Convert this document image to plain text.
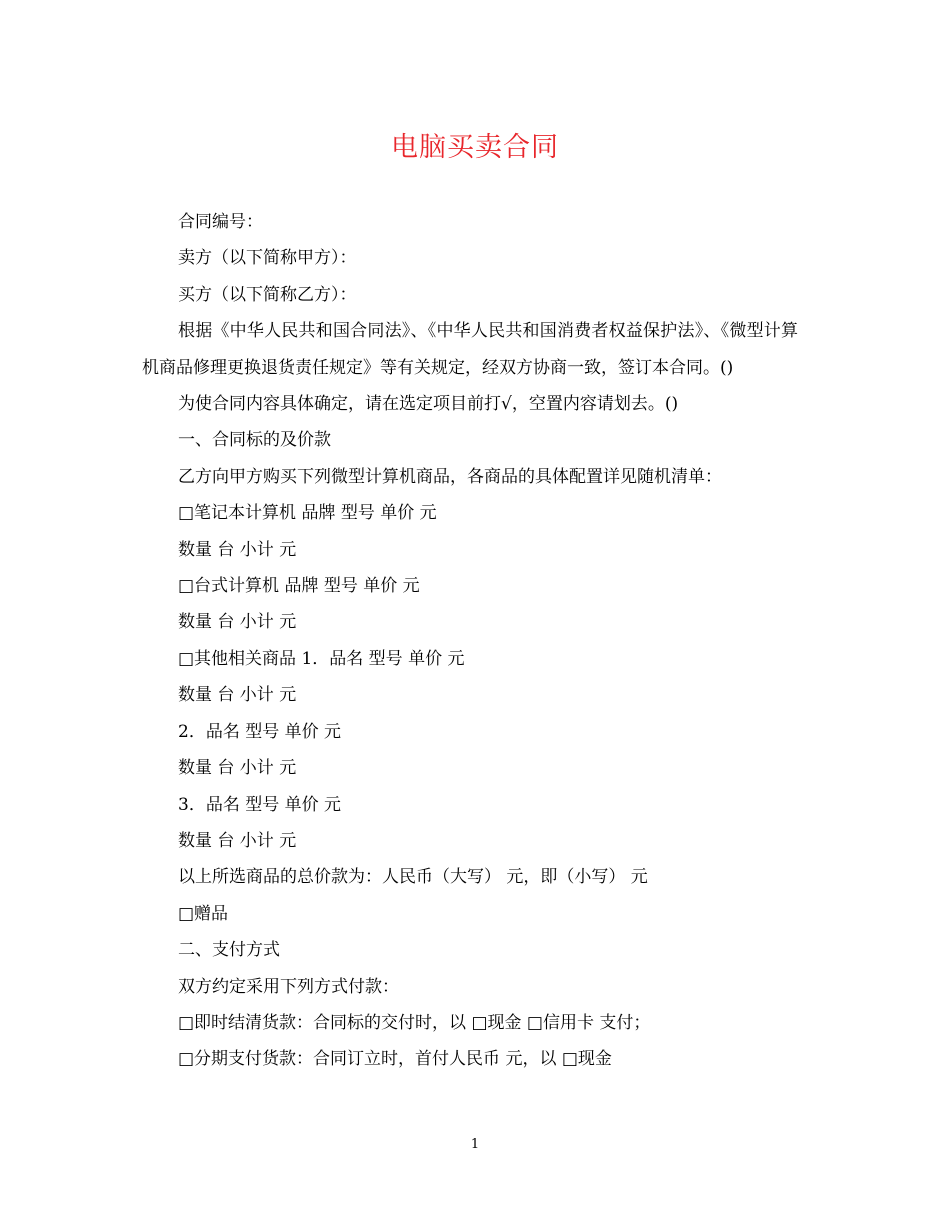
电脑买卖合同

合同编号：

卖方（以下简称甲方）：

买方（以下简称乙方）：

根据《中华人民共和国合同法》、《中华人民共和国消费者权益保护法》、《微型计算机商品修理更换退货责任规定》等有关规定，经双方协商一致，签订本合同。()

为使合同内容具体确定，请在选定项目前打√，空置内容请划去。()

一、合同标的及价款

乙方向甲方购买下列微型计算机商品，各商品的具体配置详见随机清单：

□笔记本计算机 品牌 型号 单价 元

数量 台 小计 元

□台式计算机 品牌 型号 单价 元

数量 台 小计 元

□其他相关商品 1．品名 型号 单价 元

数量 台 小计 元

2．品名 型号 单价 元

数量 台 小计 元

3．品名 型号 单价 元

数量 台 小计 元

以上所选商品的总价款为：人民币（大写） 元，即（小写） 元

□赠品

二、支付方式

双方约定采用下列方式付款：

□即时结清货款：合同标的交付时，以 □现金 □信用卡 支付；

□分期支付货款：合同订立时，首付人民币 元，以 □现金

1
